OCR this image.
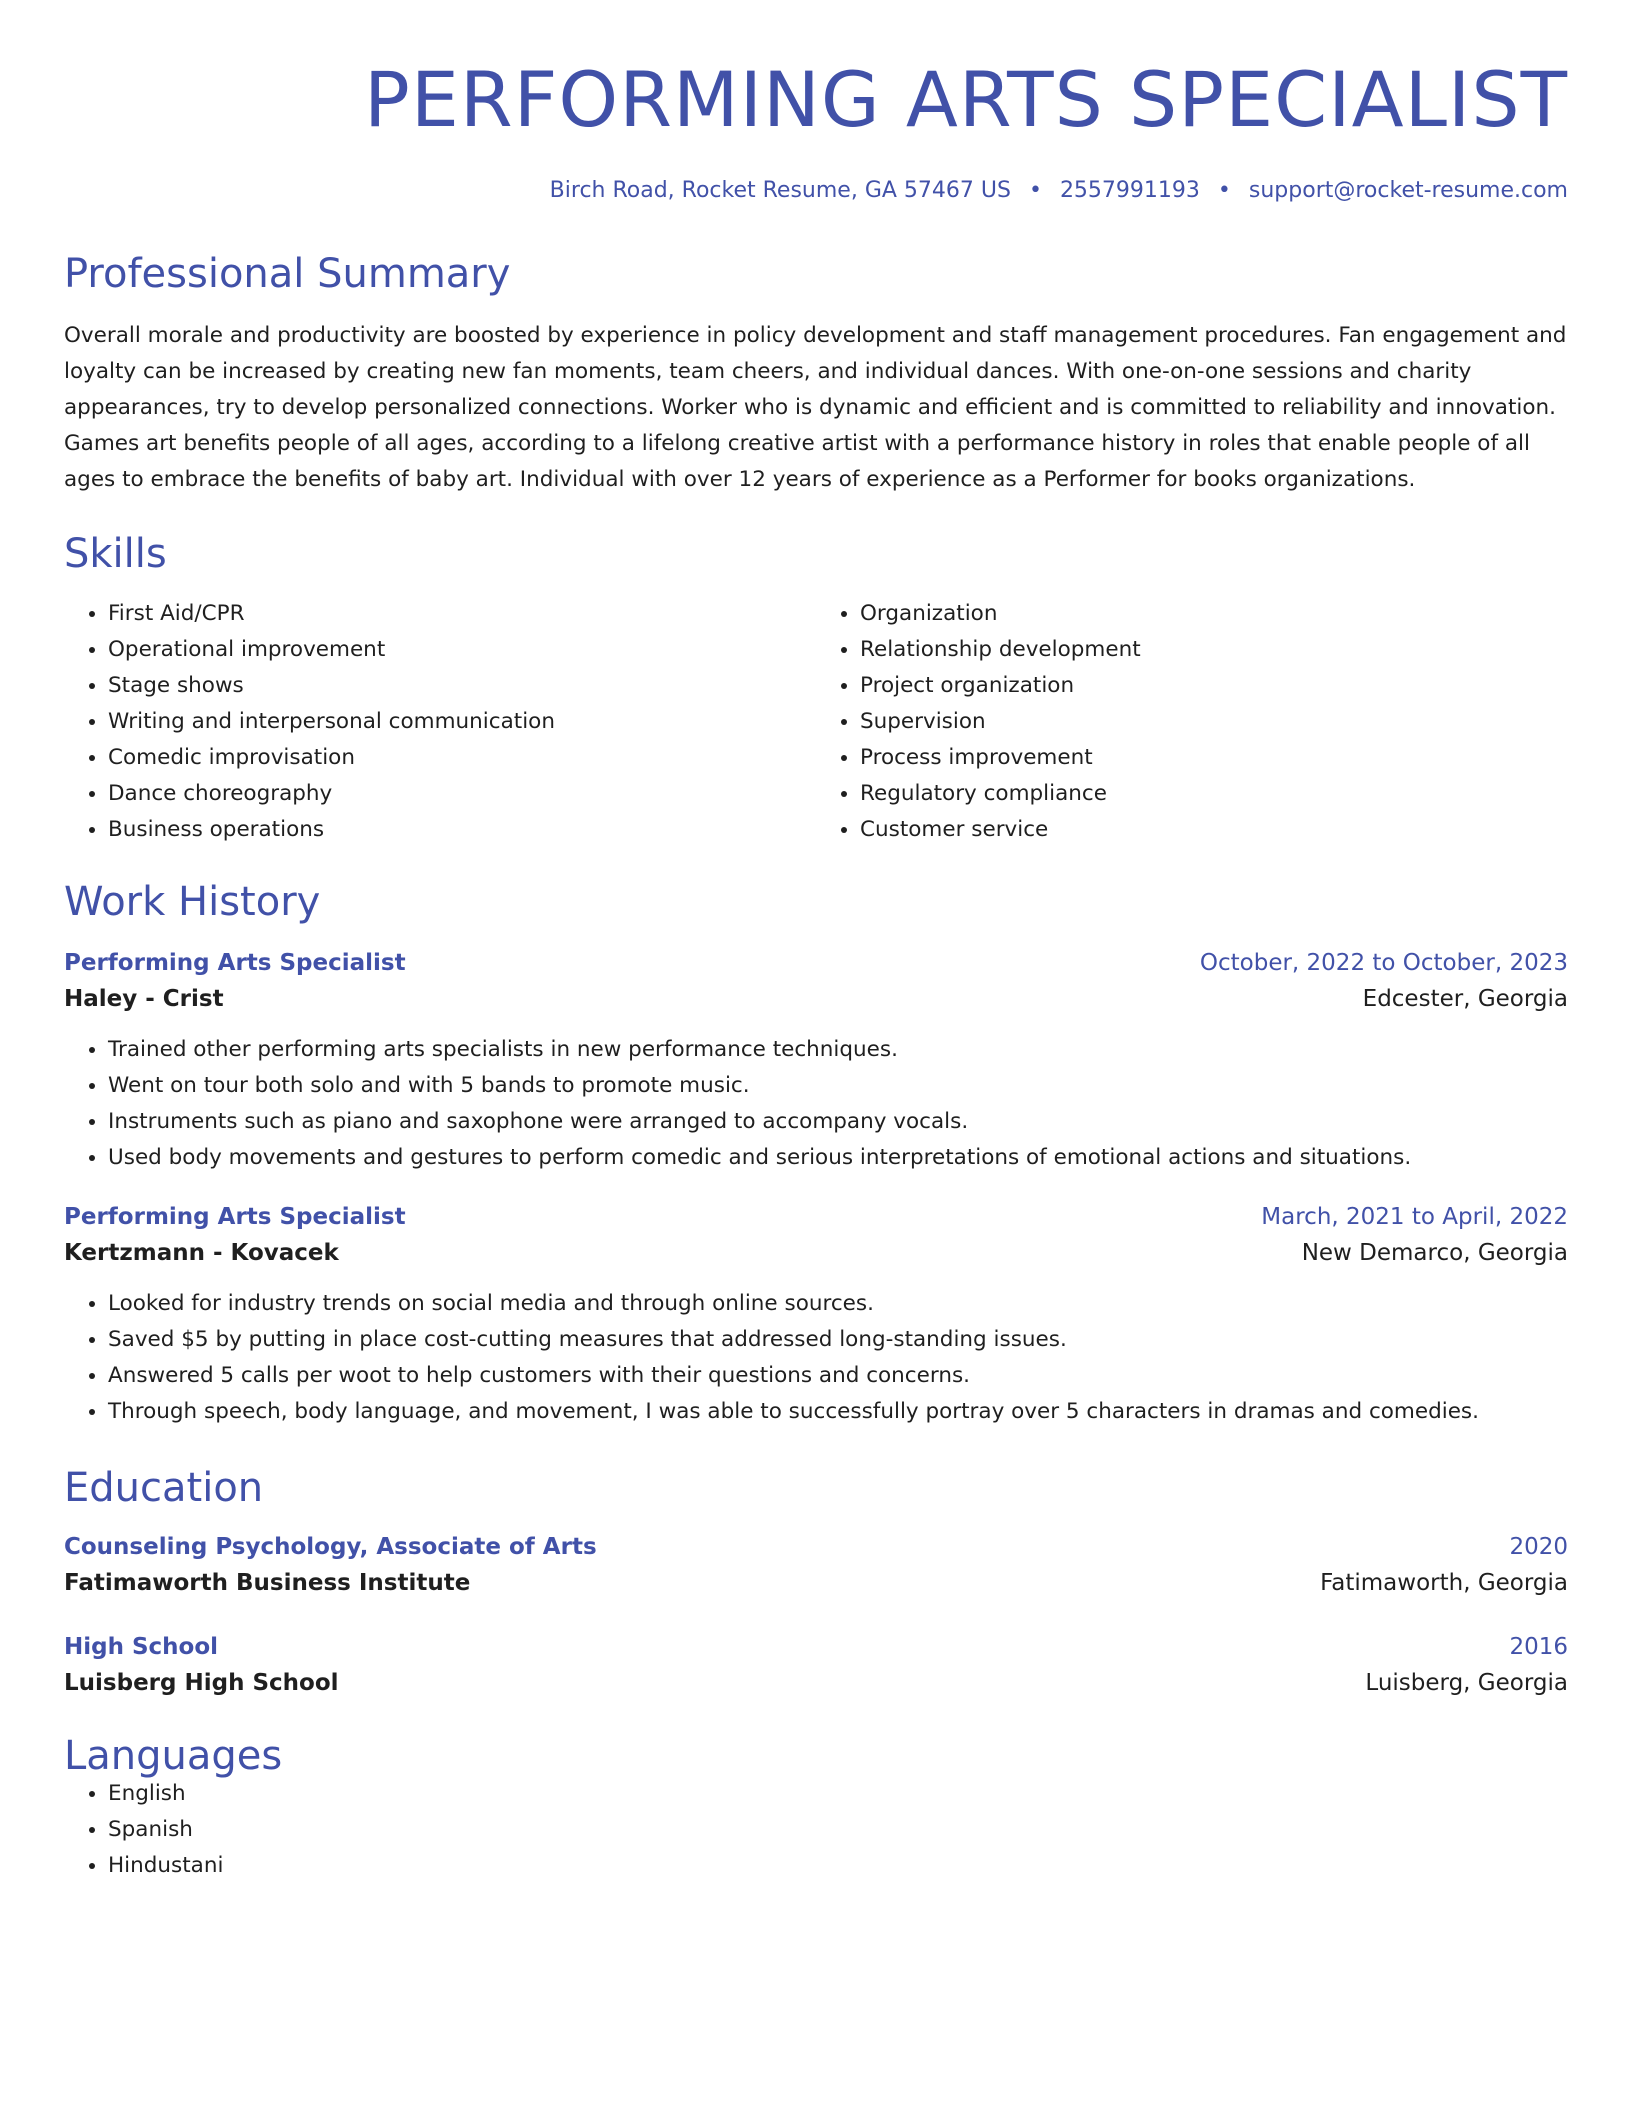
PERFORMING ARTS SPECIALIST
Birch Road, Rocket Resume, GA 57467 US • 2557991193 • support@rocket-resume.com
Professional Summary

Overall morale and productivity are boosted by experience in policy development and staff management procedures. Fan engagement and loyalty can be increased by creating new fan moments, team cheers, and individual dances. With one-on-one sessions and charity appearances, try to develop personalized connections. Worker who is dynamic and efficient and is committed to reliability and innovation. Games art benefits people of all ages, according to a lifelong creative artist with a performance history in roles that enable people of all ages to embrace the benefits of baby art. Individual with over 12 years of experience as a Performer for books organizations.

Skills
• First Aid/CPR
• Operational improvement
• Stage shows
• Writing and interpersonal communication
• Comedic improvisation
• Dance choreography
• Business operations
• Organization
• Relationship development
• Project organization
• Supervision
• Process improvement
• Regulatory compliance
• Customer service
Work History
Performing Arts Specialist	October, 2022 to October, 2023
Haley - Crist	Edcester, Georgia
• Trained other performing arts specialists in new performance techniques.
• Went on tour both solo and with 5 bands to promote music.
• Instruments such as piano and saxophone were arranged to accompany vocals.
• Used body movements and gestures to perform comedic and serious interpretations of emotional actions and situations.
Performing Arts Specialist	March, 2021 to April, 2022
Kertzmann - Kovacek	New Demarco, Georgia
• Looked for industry trends on social media and through online sources.
• Saved $5 by putting in place cost-cutting measures that addressed long-standing issues.
• Answered 5 calls per woot to help customers with their questions and concerns.
• Through speech, body language, and movement, I was able to successfully portray over 5 characters in dramas and comedies.
Education
Counseling Psychology, Associate of Arts	2020
Fatimaworth Business Institute	Fatimaworth, Georgia
High School	2016
Luisberg High School	Luisberg, Georgia
Languages
• English
• Spanish
• Hindustani
